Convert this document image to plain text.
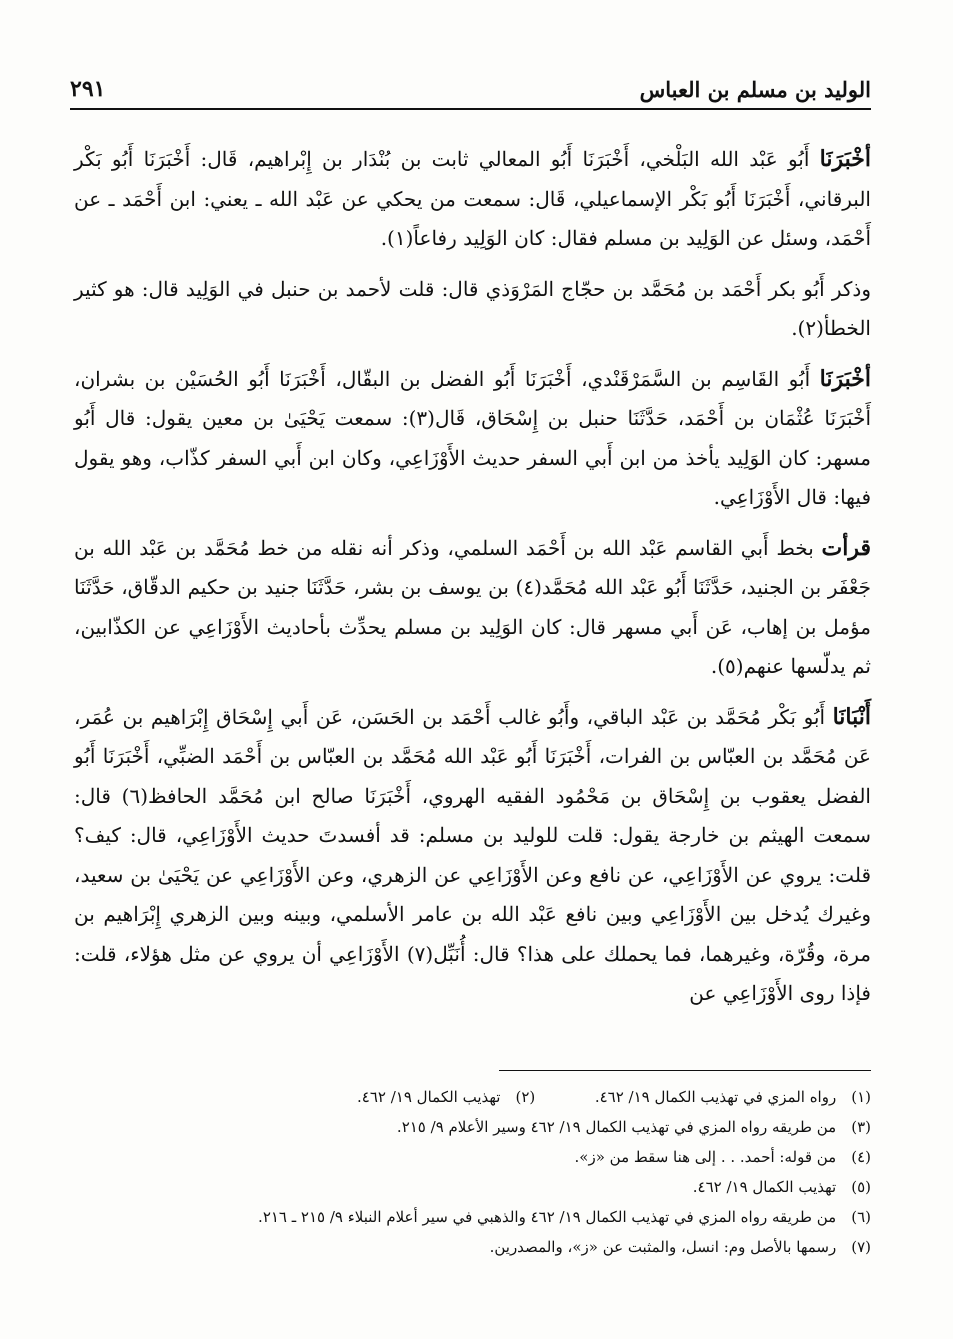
الوليد بن مسلم بن العباس
٢٩١

أخْبَرَنَا أَبُو عَبْد الله البَلْخي، أَخْبَرَنَا أَبُو المعالي ثابت بن بُنْدَار بن إِبْراهيم، قَال: أَخْبَرَنَا أَبُو بَكْر البرقاني، أَخْبَرَنَا أَبُو بَكْر الإسماعيلي، قَال: سمعت من يحكي عن عَبْد الله ـ يعني: ابن أَحْمَد ـ عن أَحْمَد، وسئل عن الوَلِيد بن مسلم فقال: كان الوَلِيد رفاعاً(١).

وذكر أَبُو بكر أَحْمَد بن مُحَمَّد بن حجّاج المَرْوَذي قال: قلت لأحمد بن حنبل في الوَلِيد قال: هو كثير الخطأ(٢).

أخْبَرَنَا أَبُو القَاسِم بن السَّمَرْقَنْدي، أَخْبَرَنَا أَبُو الفضل بن البقّال، أَخْبَرَنَا أَبُو الحُسَيْن بن بشران، أَخْبَرَنَا عُثْمَان بن أَحْمَد، حَدَّثَنَا حنبل بن إِسْحَاق، قَال(٣): سمعت يَحْيَىٰ بن معين يقول: قال أَبُو مسهر: كان الوَلِيد يأخذ من ابن أَبي السفر حديث الأَوْزَاعِي، وكان ابن أَبي السفر كذّاب، وهو يقول فيها: قال الأَوْزَاعِي.

قرأت بخط أَبي القاسم عَبْد الله بن أَحْمَد السلمي، وذكر أنه نقله من خط مُحَمَّد بن عَبْد الله بن جَعْفَر بن الجنيد، حَدَّثَنَا أَبُو عَبْد الله مُحَمَّد(٤) بن يوسف بن بشر، حَدَّثَنَا جنيد بن حكيم الدقّاق، حَدَّثَنَا مؤمل بن إهاب، عَن أَبي مسهر قال: كان الوَلِيد بن مسلم يحدِّث بأحاديث الأَوْزَاعِي عن الكذّابين، ثم يدلّسها عنهم(٥).

أَنْبَانَا أَبُو بَكْر مُحَمَّد بن عَبْد الباقي، وأَبُو غالب أَحْمَد بن الحَسَن، عَن أَبي إِسْحَاق إِبْرَاهيم بن عُمَر، عَن مُحَمَّد بن العبّاس بن الفرات، أَخْبَرَنَا أَبُو عَبْد الله مُحَمَّد بن العبّاس بن أَحْمَد الضبِّي، أَخْبَرَنَا أَبُو الفضل يعقوب بن إِسْحَاق بن مَحْمُود الفقيه الهروي، أَخْبَرَنَا صالح ابن مُحَمَّد الحافظ(٦) قال: سمعت الهيثم بن خارجة يقول: قلت للوليد بن مسلم: قد أفسدتَ حديث الأَوْزَاعِي، قال: كيف؟ قلت: يروي عن الأَوْزَاعِي، عن نافع وعن الأَوْزَاعِي عن الزهري، وعن الأَوْزَاعِي عن يَحْيَىٰ بن سعيد، وغيرك يُدخل بين الأَوْزَاعِي وبين نافع عَبْد الله بن عامر الأسلمي، وبينه وبين الزهري إِبْرَاهيم بن مرة، وقُرّة، وغيرهما، فما يحملك على هذا؟ قال: أُنَبِّل(٧) الأَوْزَاعِي أن يروي عن مثل هؤلاء، قلت: فإذا روى الأَوْزَاعِي عن

(١) رواه المزي في تهذيب الكمال ١٩/ ٤٦٢.  (٢) تهذيب الكمال ١٩/ ٤٦٢.
(٣) من طريقه رواه المزي في تهذيب الكمال ١٩/ ٤٦٢ وسير الأعلام ٩/ ٢١٥.
(٤) من قوله: أحمد. . . إلى هنا سقط من «ز».
(٥) تهذيب الكمال ١٩/ ٤٦٢.
(٦) من طريقه رواه المزي في تهذيب الكمال ١٩/ ٤٦٢ والذهبي في سير أعلام النبلاء ٩/ ٢١٥ ـ ٢١٦.
(٧) رسمها بالأصل وم: انسل، والمثبت عن «ز»، والمصدرين.
